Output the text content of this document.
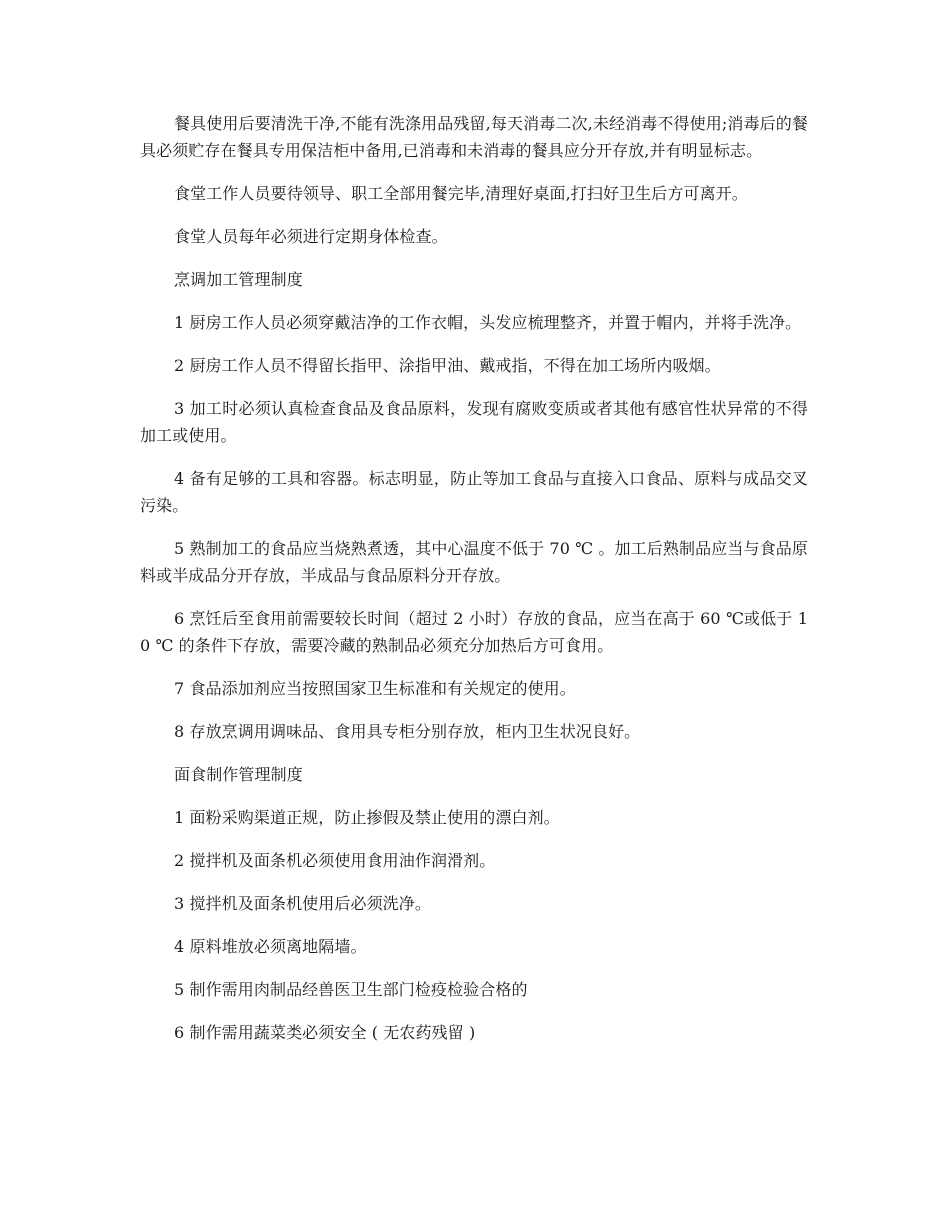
餐具使用后要清洗干净,不能有洗涤用品残留,每天消毒二次,未经消毒不得使用;消毒后的餐具必须贮存在餐具专用保洁柜中备用,已消毒和未消毒的餐具应分开存放,并有明显标志。

食堂工作人员要待领导、职工全部用餐完毕,清理好桌面,打扫好卫生后方可离开。

食堂人员每年必须进行定期身体检查。

烹调加工管理制度

1 厨房工作人员必须穿戴洁净的工作衣帽，头发应梳理整齐，并置于帽内，并将手洗净。

2 厨房工作人员不得留长指甲、涂指甲油、戴戒指，不得在加工场所内吸烟。

3 加工时必须认真检查食品及食品原料，发现有腐败变质或者其他有感官性状异常的不得加工或使用。

4 备有足够的工具和容器。标志明显，防止等加工食品与直接入口食品、原料与成品交叉污染。

5 熟制加工的食品应当烧熟煮透，其中心温度不低于 70 ℃ 。加工后熟制品应当与食品原料或半成品分开存放，半成品与食品原料分开存放。

6 烹饪后至食用前需要较长时间（超过 2 小时）存放的食品，应当在高于 60 ℃或低于 10 ℃ 的条件下存放，需要冷藏的熟制品必须充分加热后方可食用。

7 食品添加剂应当按照国家卫生标准和有关规定的使用。

8 存放烹调用调味品、食用具专柜分别存放，柜内卫生状况良好。

面食制作管理制度

1 面粉采购渠道正规，防止掺假及禁止使用的漂白剂。

2 搅拌机及面条机必须使用食用油作润滑剂。

3 搅拌机及面条机使用后必须洗净。

4 原料堆放必须离地隔墙。

5 制作需用肉制品经兽医卫生部门检疫检验合格的

6 制作需用蔬菜类必须安全 ( 无农药残留 )
